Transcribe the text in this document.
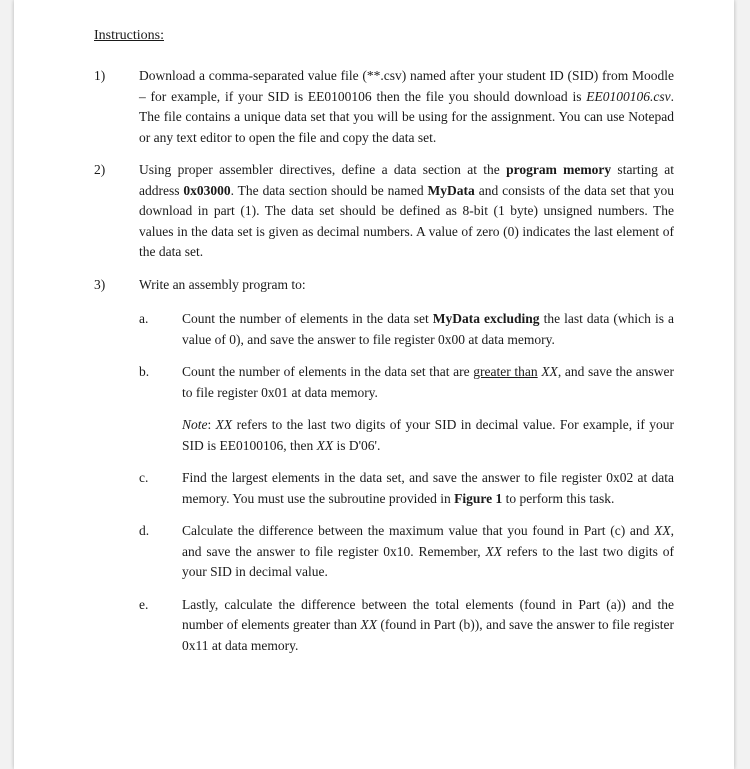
Instructions:
1)	Download a comma-separated value file (**.csv) named after your student ID (SID) from Moodle – for example, if your SID is EE0100106 then the file you should download is EE0100106.csv. The file contains a unique data set that you will be using for the assignment. You can use Notepad or any text editor to open the file and copy the data set.
2)	Using proper assembler directives, define a data section at the program memory starting at address 0x03000. The data section should be named MyData and consists of the data set that you download in part (1). The data set should be defined as 8-bit (1 byte) unsigned numbers. The values in the data set is given as decimal numbers. A value of zero (0) indicates the last element of the data set.
3)	Write an assembly program to:
a. Count the number of elements in the data set MyData excluding the last data (which is a value of 0), and save the answer to file register 0x00 at data memory.
b. Count the number of elements in the data set that are greater than XX, and save the answer to file register 0x01 at data memory.
Note: XX refers to the last two digits of your SID in decimal value. For example, if your SID is EE0100106, then XX is D'06'.
c. Find the largest elements in the data set, and save the answer to file register 0x02 at data memory. You must use the subroutine provided in Figure 1 to perform this task.
d. Calculate the difference between the maximum value that you found in Part (c) and XX, and save the answer to file register 0x10. Remember, XX refers to the last two digits of your SID in decimal value.
e. Lastly, calculate the difference between the total elements (found in Part (a)) and the number of elements greater than XX (found in Part (b)), and save the answer to file register 0x11 at data memory.
